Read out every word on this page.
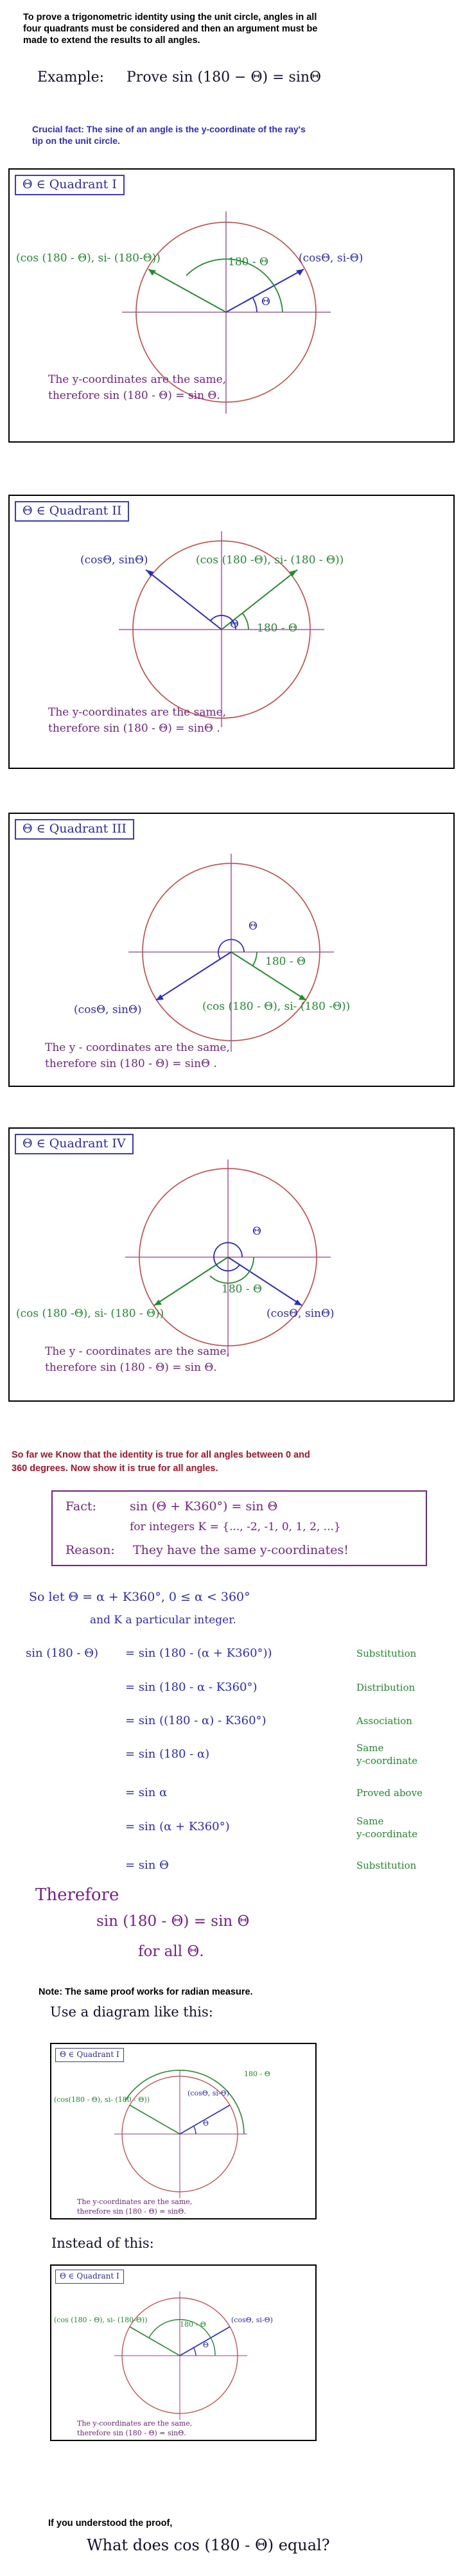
To prove a trigonometric identity using the unit circle, angles in all
four quadrants must be considered and then an argument must be
made to extend the results to all angles.
Example: Prove sin (180 − Θ) = sinΘ
Crucial fact: The sine of an angle is the y-coordinate of the ray's
tip on the unit circle.
Θ ∈ Quadrant I
(cos (180 - Θ), si- (180-Θ))	(cosΘ, si-Θ)
180 - Θ
Θ
The y-coordinates are the same,
therefore sin (180 - Θ) = sin Θ.
Θ ∈ Quadrant II
(cosΘ, sinΘ)	(cos (180 -Θ), si- (180 - Θ))
180 - Θ
Θ
The y-coordinates are the same,
therefore sin (180 - Θ) = sinΘ .
Θ ∈ Quadrant III
(cosΘ, sinΘ)	(cos (180 - Θ), si- (180 -Θ))
180 - Θ
Θ
The y - coordinates are the same,
therefore sin (180 - Θ) = sinΘ .
Θ ∈ Quadrant IV
(cos (180 -Θ), si- (180 - Θ))	(cosΘ, sinΘ)
180 - Θ
Θ
The y - coordinates are the same,
therefore sin (180 - Θ) = sin Θ.
So far we Know that the identity is true for all angles between 0 and
360 degrees. Now show it is true for all angles.
Fact:	sin (Θ + K360°) = sin Θ
for integers K = {..., -2, -1, 0, 1, 2, ...}
Reason: They have the same y-coordinates!
So let Θ = α + K360°, 0 ≤ α < 360°
and K a particular integer.
sin (180 - Θ) = sin (180 - (α + K360°))	Substitution
= sin (180 - α - K360°)	Distribution
= sin ((180 - α) - K360°)	Association
= sin (180 - α)	Same
y-coordinate
= sin α	Proved above
= sin (α + K360°)	Same
y-coordinate
= sin Θ	Substitution
Therefore
sin (180 - Θ) = sin Θ
for all Θ.
Note: The same proof works for radian measure.
Use a diagram like this:
Θ ∈ Quadrant I
(cos(180 - Θ), si- (180 - Θ))
(cosΘ, si-Θ)
180 - Θ
Θ
The y-coordinates are the same,
therefore sin (180 - Θ) = sinΘ.
Instead of this:
Θ ∈ Quadrant I
(cos (180 - Θ), si- (180-Θ))	(cosΘ, si-Θ)
180 - Θ
Θ
The y-coordinates are the same,
therefore sin (180 - Θ) = sinΘ.
If you understood the proof,
What does cos (180 - Θ) equal?
